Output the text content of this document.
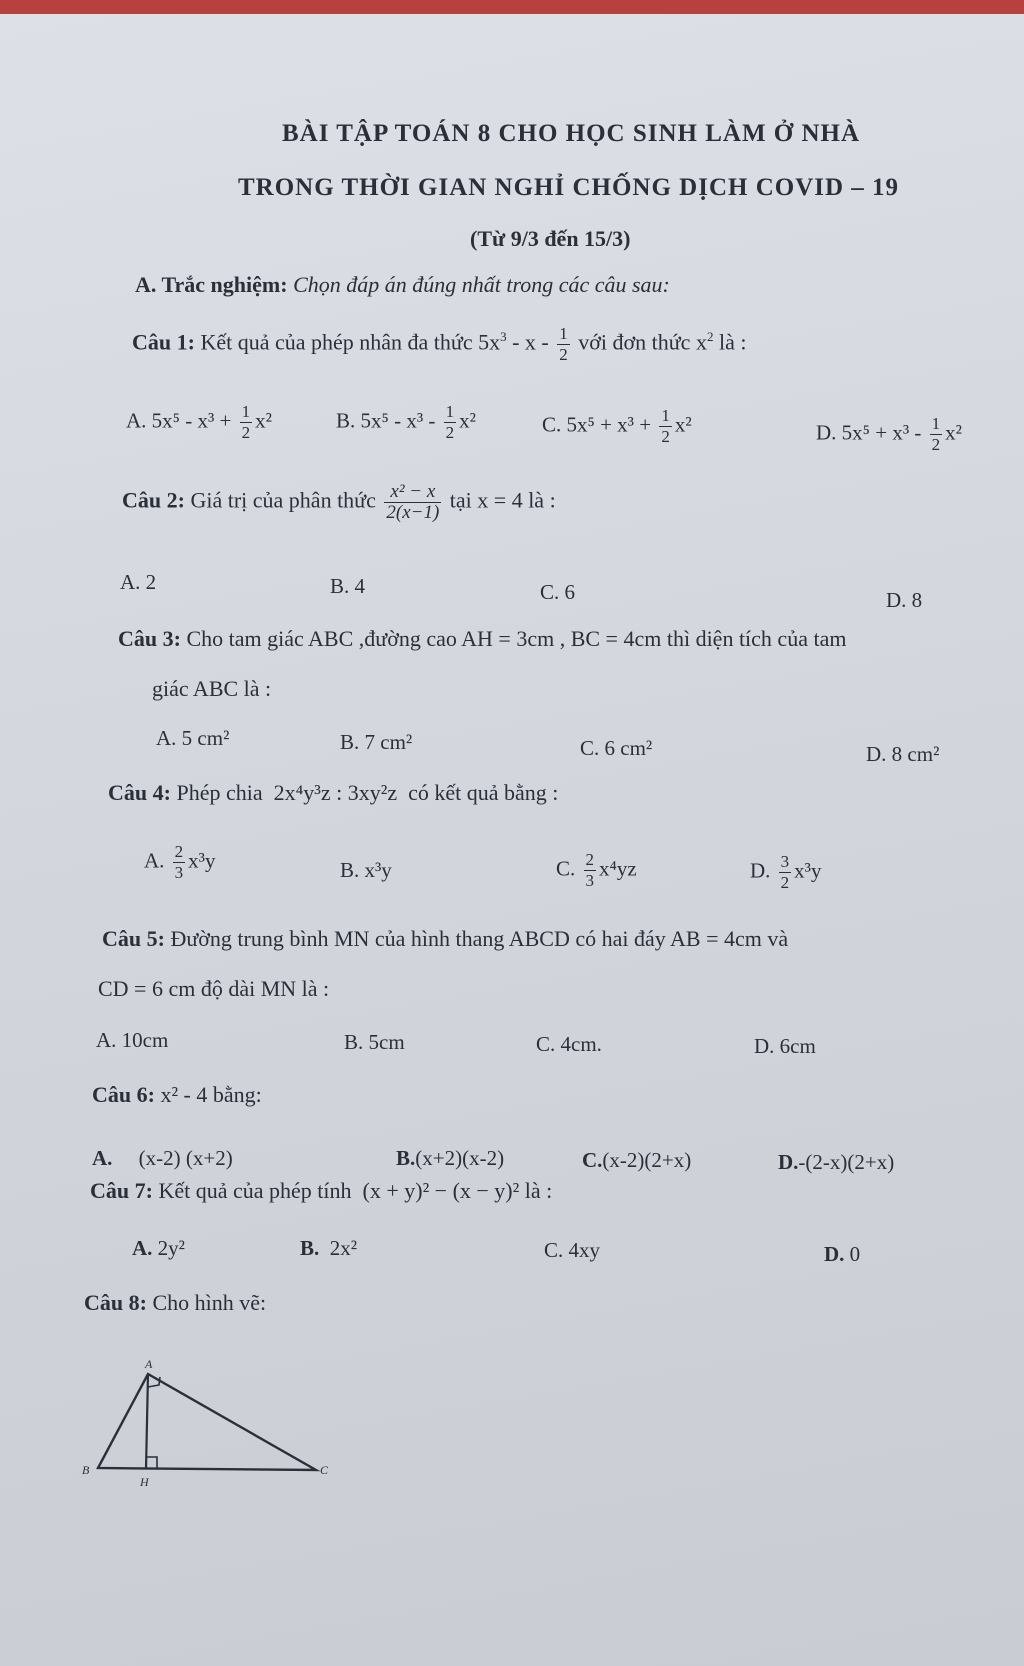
BÀI TẬP TOÁN 8 CHO HỌC SINH LÀM Ở NHÀ
TRONG THỜI GIAN NGHỈ CHỐNG DỊCH COVID – 19
(Từ 9/3 đến 15/3)
A. Trắc nghiệm: Chọn đáp án đúng nhất trong các câu sau:
Câu 1: Kết quả của phép nhân đa thức $5x^3$ - x - $\frac{1}{2}$ với đơn thức $x^2$ là :
A. $5x^5 - x^3 + \frac{1}{2} x^2$	B. $5x^5 - x^3 - \frac{1}{2} x^2$	C. $5x^5 + x^3 + \frac{1}{2} x^2$	D. $5x^5 + x^3 - \frac{1}{2} x^2$
Câu 2: Giá trị của phân thức $\frac{\text{x² − x}}{2(x-1)}$ tại x = 4 là :
A. 2	B. 4	C. 6	D. 8
Câu 3: Cho tam giác ABC ,đường cao AH = 3cm , BC = 4cm thì diện tích của tam
giác ABC là :
A. 5 cm²	B. 7 cm²	C. 6 cm²	D. 8 cm²
Câu 4: Phép chia 2x⁴y³z : 3xy²z có kết quả bằng :
A. $\frac{2}{3} x^3y$	B. x³y	C. $\frac{2}{3} x^4yz$	D. $\frac{3}{2} x^3y$
Câu 5: Đường trung bình MN của hình thang ABCD có hai đáy AB = 4cm và
CD = 6 cm độ dài MN là :
A. 10cm	B. 5cm	C. 4cm.	D. 6cm
Câu 6: x² - 4 bằng:
A. (x-2) (x+2)	B.(x+2)(x-2)	C.(x-2)(2+x)	D.-(2-x)(2+x)
Câu 7: Kết quả của phép tính (x + y)² − (x − y)² là :
A. 2y²	B. 2x²	C. 4xy	D. 0
Câu 8: Cho hình vẽ:
A
B
H
C
